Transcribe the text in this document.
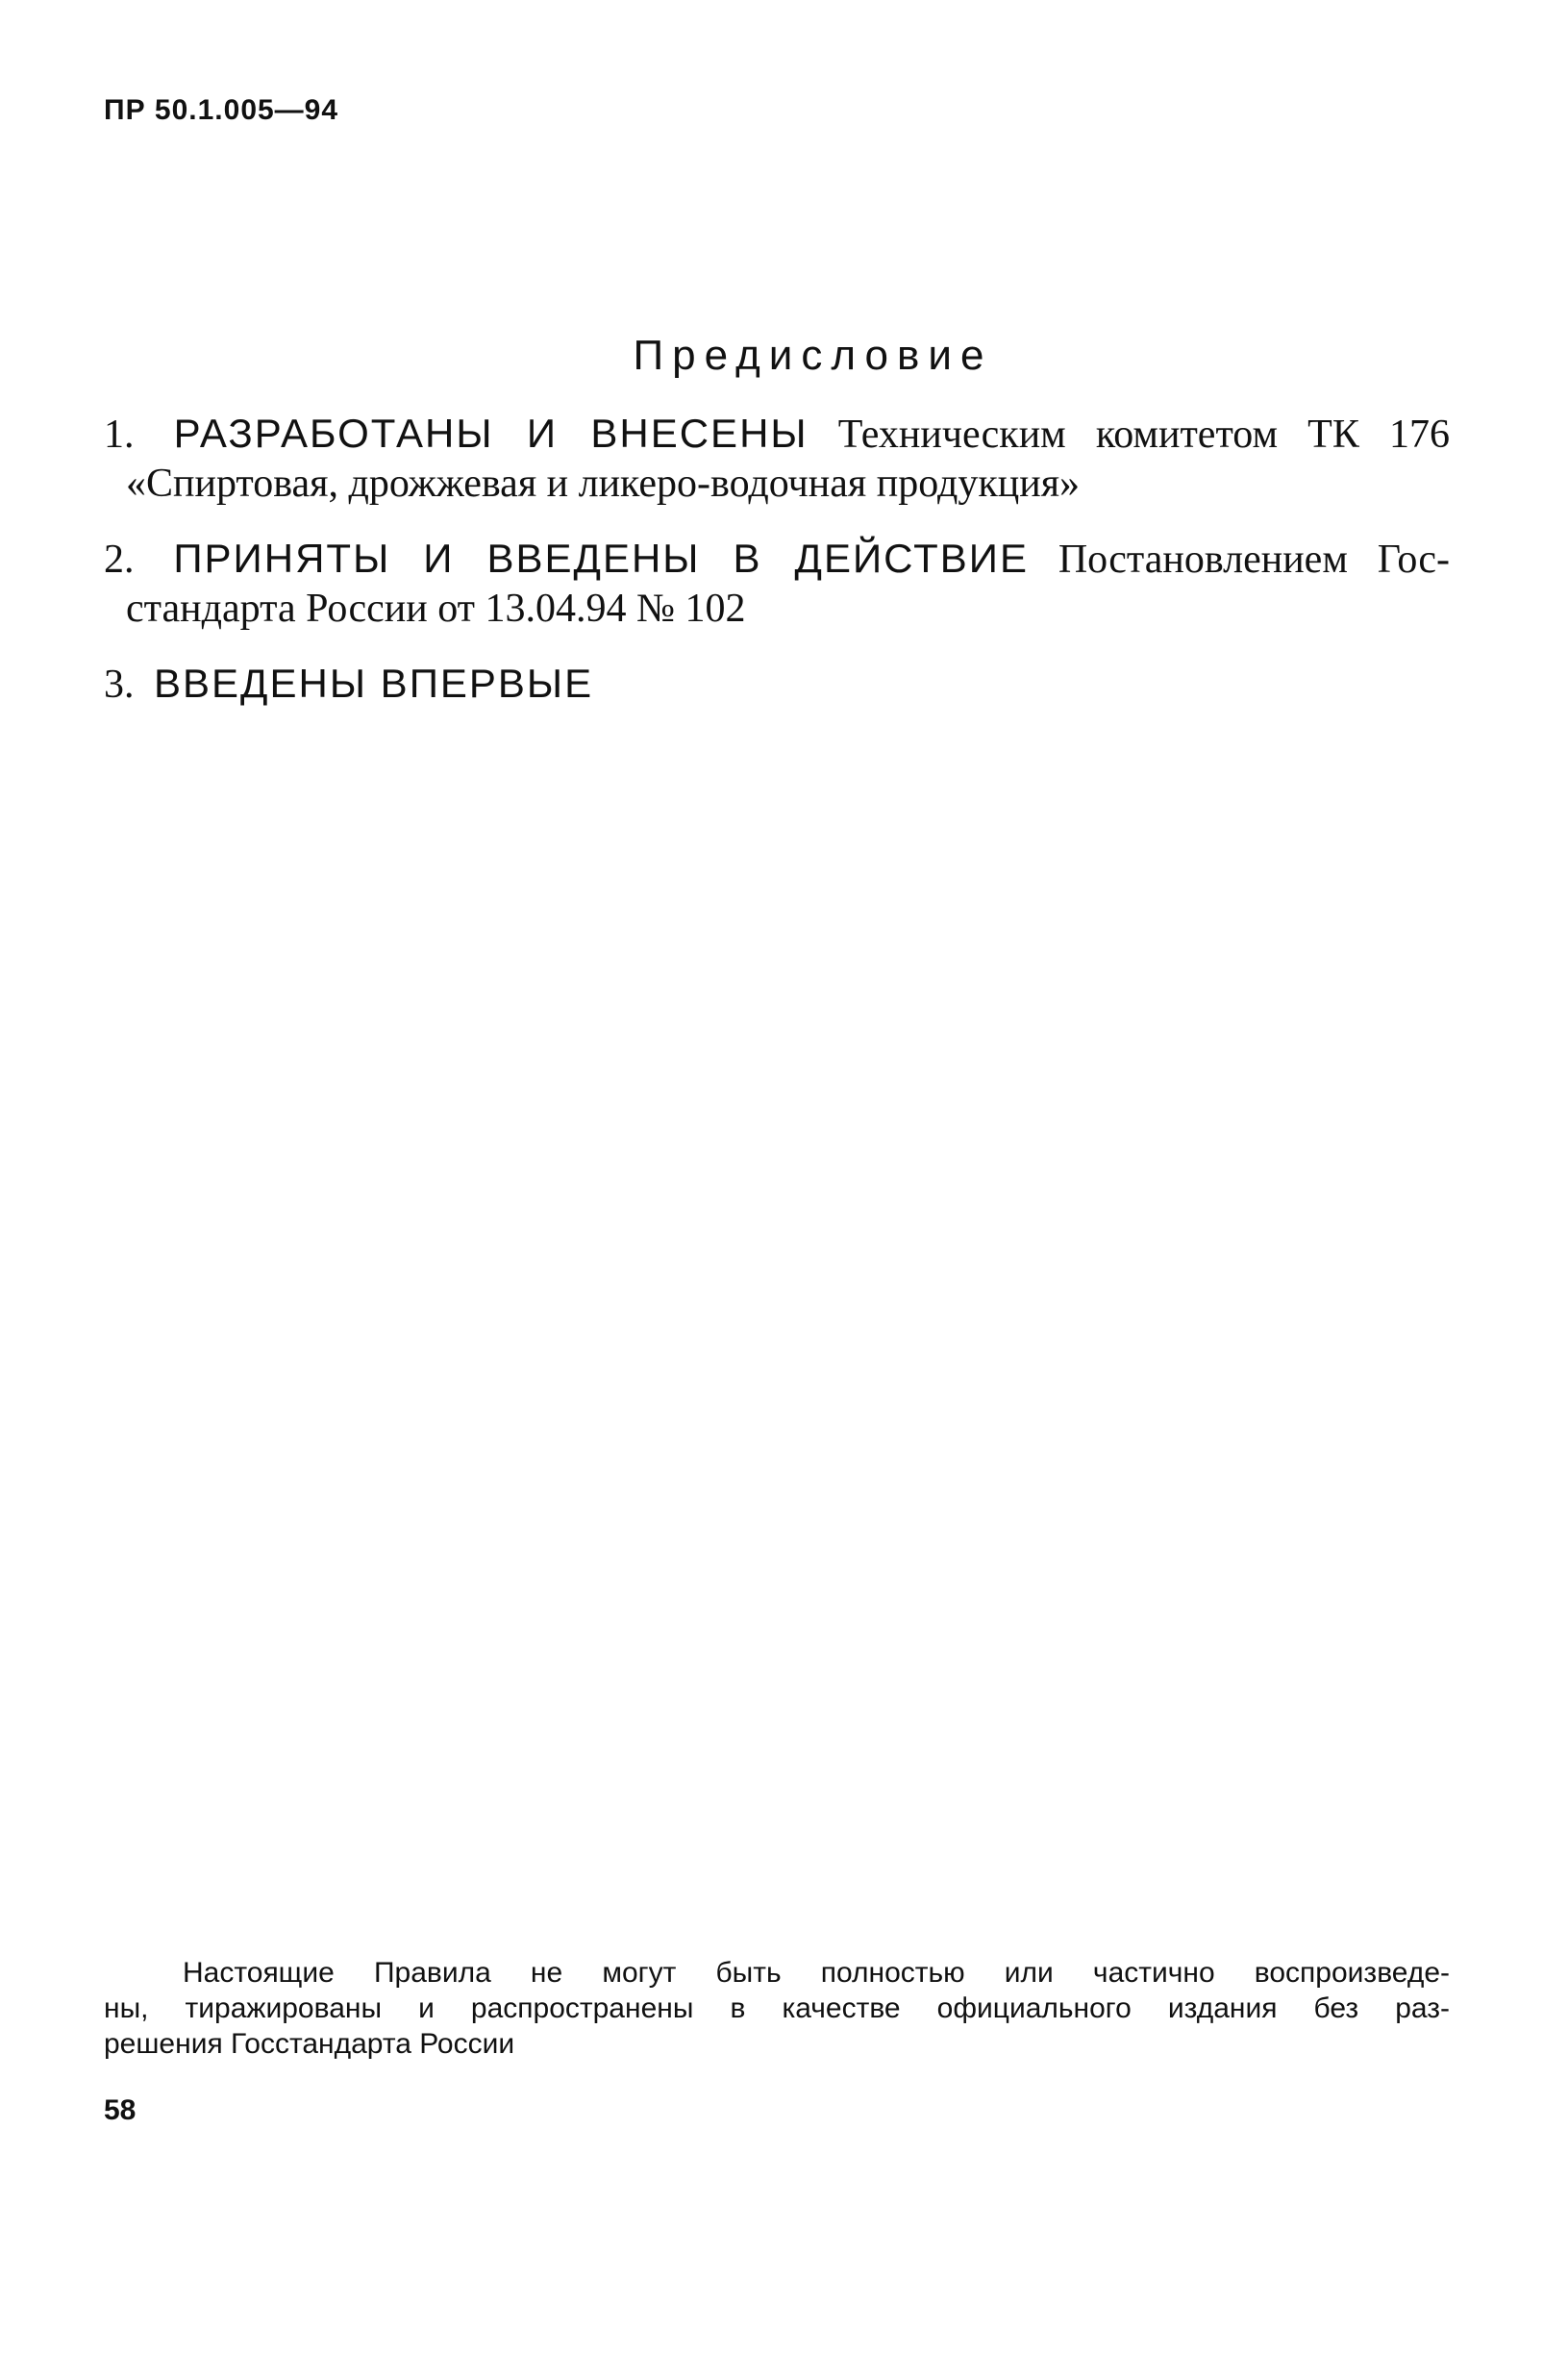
ПР 50.1.005—94
Предисловие
1. РАЗРАБОТАНЫ И ВНЕСЕНЫ Техническим комитетом ТК 176
«Спиртовая, дрожжевая и ликеро-водочная продукция»
2. ПРИНЯТЫ И ВВЕДЕНЫ В ДЕЙСТВИЕ Постановлением Гос-
стандарта России от 13.04.94 № 102
3. ВВЕДЕНЫ ВПЕРВЫЕ
Настоящие Правила не могут быть полностью или частично воспроизведе-
ны, тиражированы и распространены в качестве официального издания без раз-
решения Госстандарта России
58
